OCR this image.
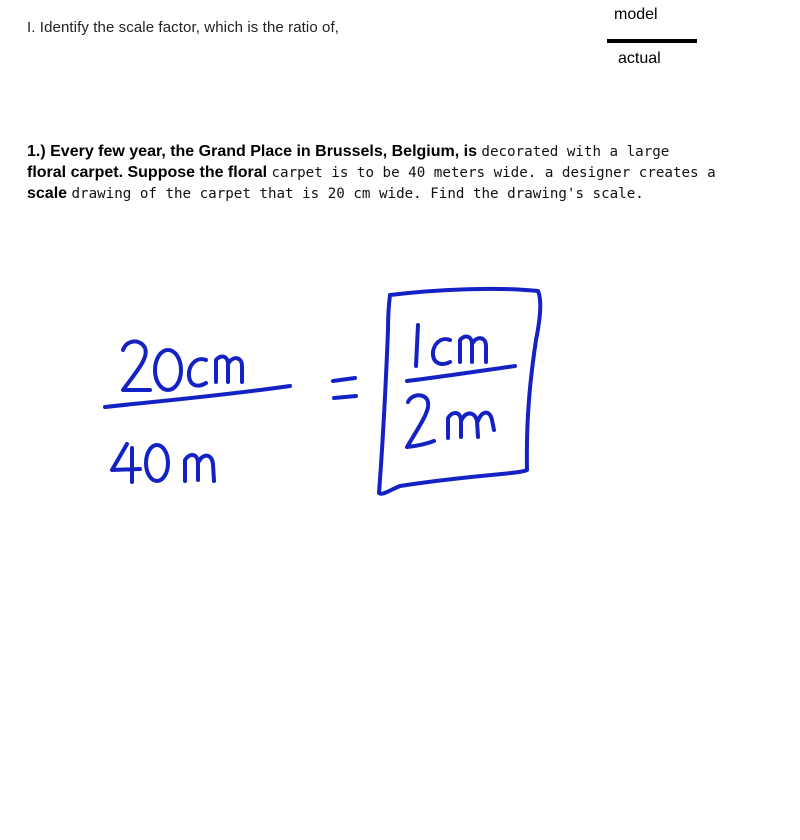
I. Identify the scale factor, which is the ratio of,
model
actual
1.) Every few year, the Grand Place in Brussels, Belgium, is decorated with a large
floral carpet. Suppose the floral carpet is to be 40 meters wide. a designer creates a
scale drawing of the carpet that is 20 cm wide. Find the drawing's scale.
